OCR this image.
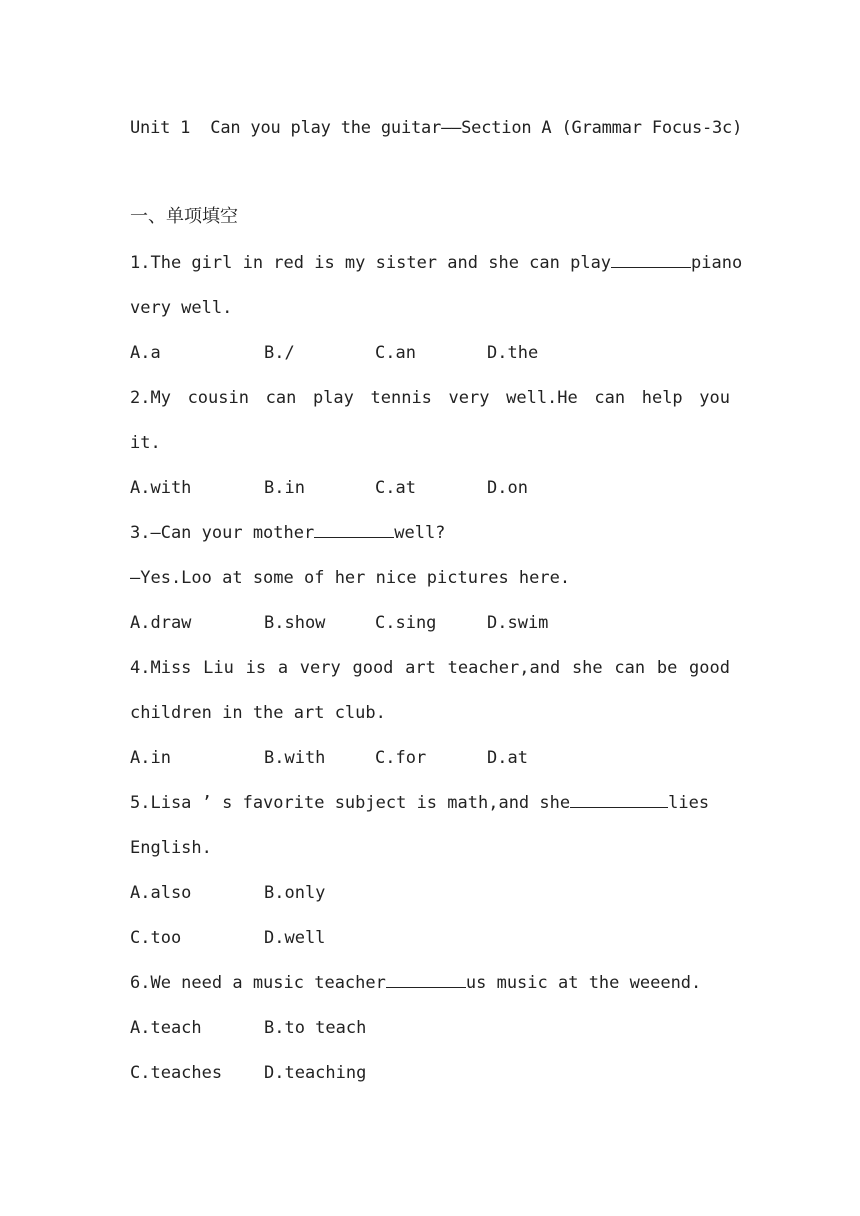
Unit 1  Can you play the guitar——Section A (Grammar Focus-3c)
一、单项填空
1.The girl in red is my sister and she can play	piano
very well.
A.a	B./	C.an	D.the
2.My cousin can play tennis very well.He can help you
it.
A.with	B.in	C.at	D.on
3.—Can your mother	well?
—Yes.Loo at some of her nice pictures here.
A.draw	B.show	C.sing	D.swim
4.Miss Liu is a very good art teacher,and she can be good
children in the art club.
A.in	B.with	C.for	D.at
5.Lisa ’ s favorite subject is math,and she	lies
English.
A.also	B.only
C.too	D.well
6.We need a music teacher	us music at the weeend.
A.teach	B.to teach
C.teaches D.teaching
